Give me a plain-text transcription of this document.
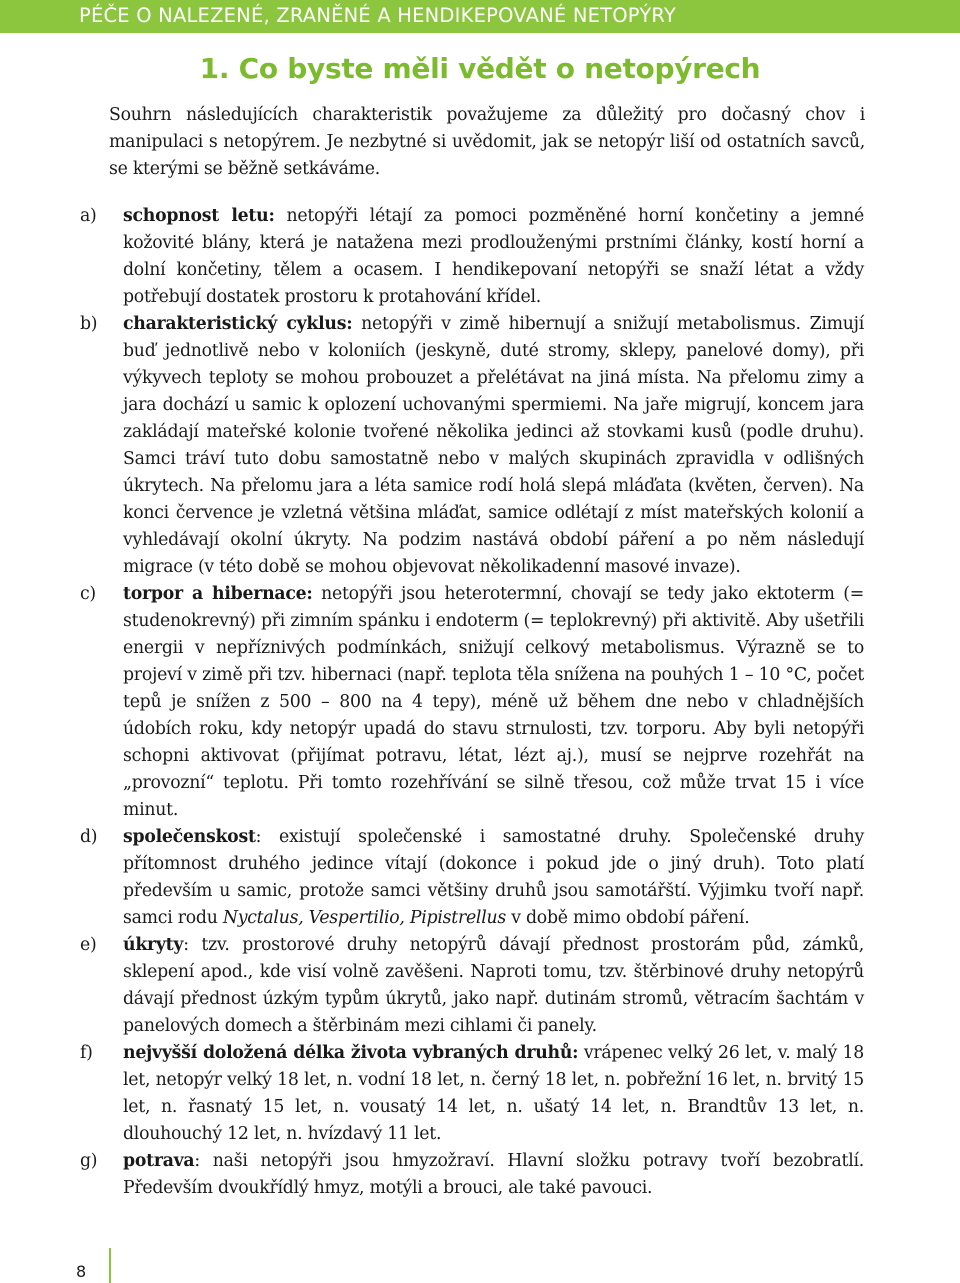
PÉČE O NALEZENÉ, ZRANĚNÉ A HENDIKEPOVANÉ NETOPÝRY
1. Co byste měli vědět o netopýrech

Souhrn následujících charakteristik považujeme za důležitý pro dočasný chov i manipulaci s netopýrem. Je nezbytné si uvědomit, jak se netopýr liší od ostatních savců, se kterými se běžně setkáváme.

a) schopnost letu: netopýři létají za pomoci pozměněné horní končetiny a jemné kožovité blány, která je natažena mezi prodlouženými prstními články, kostí horní a dolní končetiny, tělem a ocasem. I hendikepovaní netopýři se snaží létat a vždy potřebují dostatek prostoru k protahování křídel.

b) charakteristický cyklus: netopýři v zimě hibernují a snižují metabolismus. Zimují buď jednotlivě nebo v koloniích (jeskyně, duté stromy, sklepy, panelové domy), při výkyvech teploty se mohou probouzet a přelétávat na jiná místa. Na přelomu zimy a jara dochází u samic k oplození uchovanými spermiemi. Na jaře migrují, koncem jara zakládají mateřské kolonie tvořené několika jedinci až stovkami kusů (podle druhu). Samci tráví tuto dobu samostatně nebo v malých skupinách zpravidla v odlišných úkrytech. Na přelomu jara a léta samice rodí holá slepá mláďata (květen, červen). Na konci července je vzletná většina mláďat, samice odlétají z míst mateřských kolonií a vyhledávají okolní úkryty. Na podzim nastává období páření a po něm následují migrace (v této době se mohou objevovat několikadenní masové invaze).

c) torpor a hibernace: netopýři jsou heterotermní, chovají se tedy jako ektoterm (= studenokrevný) při zimním spánku i endoterm (= teplokrevný) při aktivitě. Aby ušetřili energii v nepříznivých podmínkách, snižují celkový metabolismus. Výrazně se to projeví v zimě při tzv. hibernaci (např. teplota těla snížena na pouhých 1 – 10 °C, počet tepů je snížen z 500 – 800 na 4 tepy), méně už během dne nebo v chladnějších údobích roku, kdy netopýr upadá do stavu strnulosti, tzv. torporu. Aby byli netopýři schopni aktivovat (přijímat potravu, létat, lézt aj.), musí se nejprve rozehřát na „provozní“ teplotu. Při tomto rozehřívání se silně třesou, což může trvat 15 i více minut.

d) společenskost: existují společenské i samostatné druhy. Společenské druhy přítomnost druhého jedince vítají (dokonce i pokud jde o jiný druh). Toto platí především u samic, protože samci většiny druhů jsou samotářští. Výjimku tvoří např. samci rodu Nyctalus, Vespertilio, Pipistrellus v době mimo období páření.

e) úkryty: tzv. prostorové druhy netopýrů dávají přednost prostorám půd, zámků, sklepení apod., kde visí volně zavěšeni. Naproti tomu, tzv. štěrbinové druhy netopýrů dávají přednost úzkým typům úkrytů, jako např. dutinám stromů, větracím šachtám v panelových domech a štěrbinám mezi cihlami či panely.

f) nejvyšší doložená délka života vybraných druhů: vrápenec velký 26 let, v. malý 18 let, netopýr velký 18 let, n. vodní 18 let, n. černý 18 let, n. pobřežní 16 let, n. brvitý 15 let, n. řasnatý 15 let, n. vousatý 14 let, n. ušatý 14 let, n. Brandtův 13 let, n. dlouhouchý 12 let, n. hvízdavý 11 let.

g) potrava: naši netopýři jsou hmyzožraví. Hlavní složku potravy tvoří bezobratlí. Především dvoukřídlý hmyz, motýli a brouci, ale také pavouci.

8
